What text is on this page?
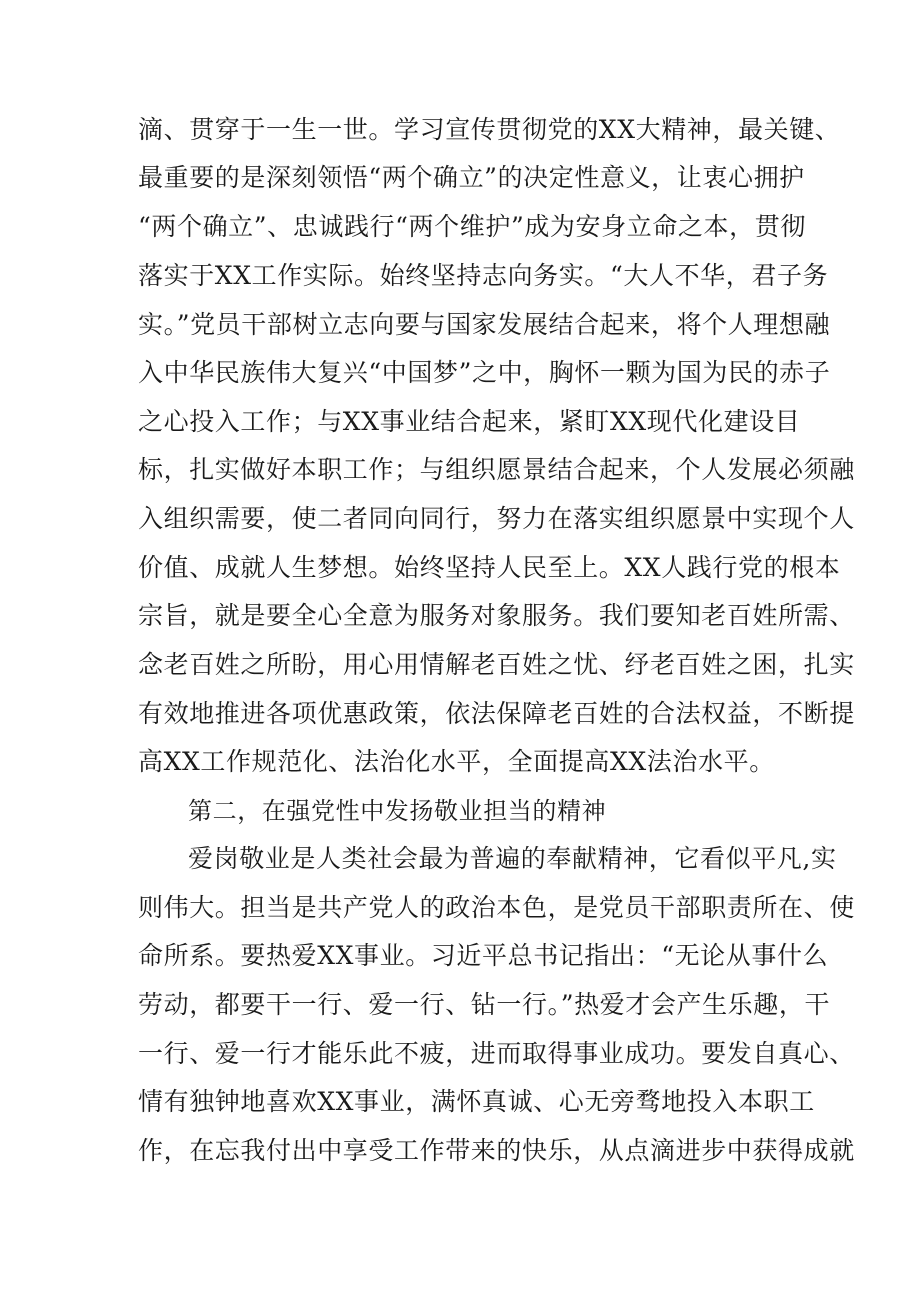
滴、贯穿于一生一世。学习宣传贯彻党的XX大精神，最关键、
最重要的是深刻领悟“两个确立”的决定性意义，让衷心拥护
“两个确立”、忠诚践行“两个维护”成为安身立命之本，贯彻
落实于XX工作实际。始终坚持志向务实。“大人不华，君子务
实。”党员干部树立志向要与国家发展结合起来，将个人理想融
入中华民族伟大复兴“中国梦”之中，胸怀一颗为国为民的赤子
之心投入工作；与XX事业结合起来，紧盯XX现代化建设目
标，扎实做好本职工作；与组织愿景结合起来，个人发展必须融
入组织需要，使二者同向同行，努力在落实组织愿景中实现个人
价值、成就人生梦想。始终坚持人民至上。XX人践行党的根本
宗旨，就是要全心全意为服务对象服务。我们要知老百姓所需、
念老百姓之所盼，用心用情解老百姓之忧、纾老百姓之困，扎实
有效地推进各项优惠政策，依法保障老百姓的合法权益，不断提
高XX工作规范化、法治化水平，全面提高XX法治水平。
第二，在强党性中发扬敬业担当的精神
爱岗敬业是人类社会最为普遍的奉献精神，它看似平凡,实
则伟大。担当是共产党人的政治本色，是党员干部职责所在、使
命所系。要热爱XX事业。习近平总书记指出：“无论从事什么
劳动，都要干一行、爱一行、钻一行。”热爱才会产生乐趣，干
一行、爱一行才能乐此不疲，进而取得事业成功。要发自真心、
情有独钟地喜欢XX事业，满怀真诚、心无旁骛地投入本职工
作，在忘我付出中享受工作带来的快乐，从点滴进步中获得成就
